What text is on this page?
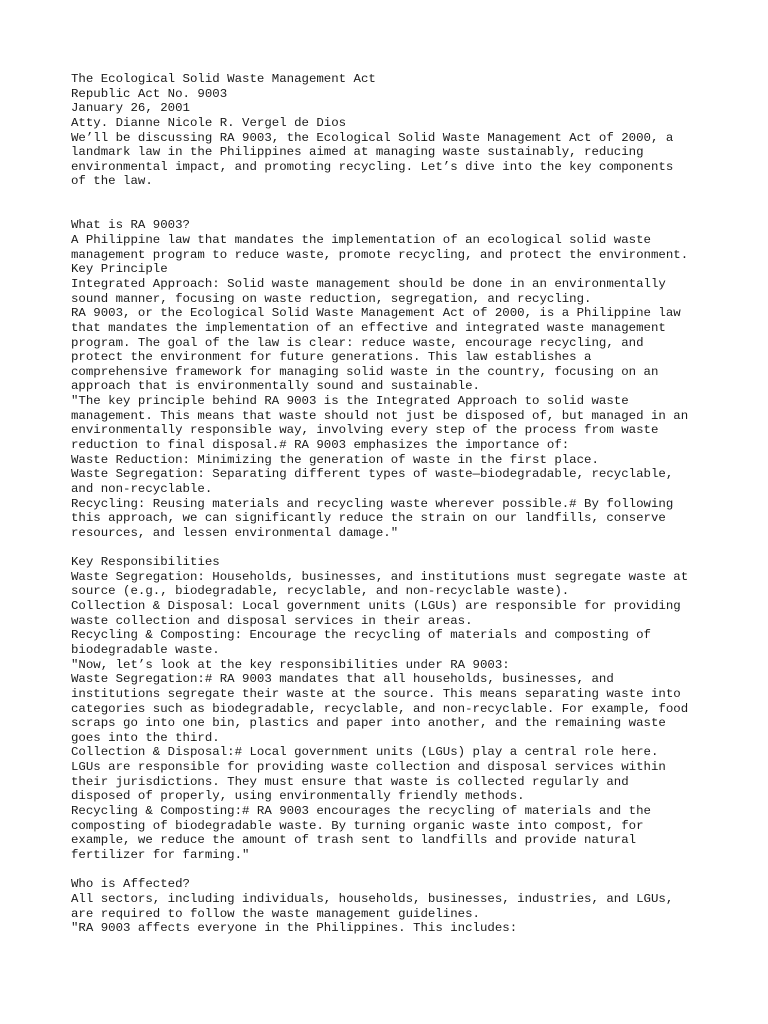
The Ecological Solid Waste Management Act
Republic Act No. 9003
January 26, 2001
Atty. Dianne Nicole R. Vergel de Dios
We’ll be discussing RA 9003, the Ecological Solid Waste Management Act of 2000, a
landmark law in the Philippines aimed at managing waste sustainably, reducing
environmental impact, and promoting recycling. Let’s dive into the key components
of the law.
What is RA 9003?
A Philippine law that mandates the implementation of an ecological solid waste
management program to reduce waste, promote recycling, and protect the environment.
Key Principle
Integrated Approach: Solid waste management should be done in an environmentally
sound manner, focusing on waste reduction, segregation, and recycling.
RA 9003, or the Ecological Solid Waste Management Act of 2000, is a Philippine law
that mandates the implementation of an effective and integrated waste management
program. The goal of the law is clear: reduce waste, encourage recycling, and
protect the environment for future generations. This law establishes a
comprehensive framework for managing solid waste in the country, focusing on an
approach that is environmentally sound and sustainable.
"The key principle behind RA 9003 is the Integrated Approach to solid waste
management. This means that waste should not just be disposed of, but managed in an
environmentally responsible way, involving every step of the process from waste
reduction to final disposal.# RA 9003 emphasizes the importance of:
Waste Reduction: Minimizing the generation of waste in the first place.
Waste Segregation: Separating different types of waste—biodegradable, recyclable,
and non-recyclable.
Recycling: Reusing materials and recycling waste wherever possible.# By following
this approach, we can significantly reduce the strain on our landfills, conserve
resources, and lessen environmental damage."
Key Responsibilities
Waste Segregation: Households, businesses, and institutions must segregate waste at
source (e.g., biodegradable, recyclable, and non-recyclable waste).
Collection & Disposal: Local government units (LGUs) are responsible for providing
waste collection and disposal services in their areas.
Recycling & Composting: Encourage the recycling of materials and composting of
biodegradable waste.
"Now, let’s look at the key responsibilities under RA 9003:
Waste Segregation:# RA 9003 mandates that all households, businesses, and
institutions segregate their waste at the source. This means separating waste into
categories such as biodegradable, recyclable, and non-recyclable. For example, food
scraps go into one bin, plastics and paper into another, and the remaining waste
goes into the third.
Collection & Disposal:# Local government units (LGUs) play a central role here.
LGUs are responsible for providing waste collection and disposal services within
their jurisdictions. They must ensure that waste is collected regularly and
disposed of properly, using environmentally friendly methods.
Recycling & Composting:# RA 9003 encourages the recycling of materials and the
composting of biodegradable waste. By turning organic waste into compost, for
example, we reduce the amount of trash sent to landfills and provide natural
fertilizer for farming."
Who is Affected?
All sectors, including individuals, households, businesses, industries, and LGUs,
are required to follow the waste management guidelines.
"RA 9003 affects everyone in the Philippines. This includes:
